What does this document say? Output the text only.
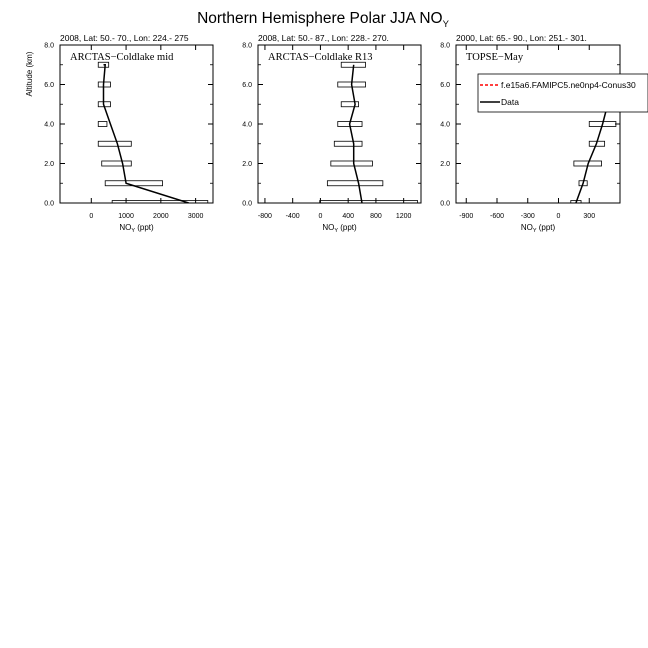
Northern Hemisphere Polar JJA $NO_Y$
2008, Lat: 50.- 70., Lon: 224.- 275
ARCTAS−Coldlake mid
0.0
2.0
4.0
6.0
8.0
0	1000	2000	3000
$NO_Y$ (ppt)
Altitude (km)
2008, Lat: 50.- 87., Lon: 228.- 270.
ARCTAS−Coldlake R13
0.0
2.0
4.0
6.0
8.0
-800 -400	0	400 800 1200
$NO_Y$ (ppt)
2000, Lat: 65.- 90., Lon: 251.- 301.
TOPSE−May
0.0
2.0
4.0
6.0
8.0
-900 -600 -300	0	300
$NO_Y$ (ppt)
f.e15a6.FAMIPC5.ne0np4-Conus30
Data
